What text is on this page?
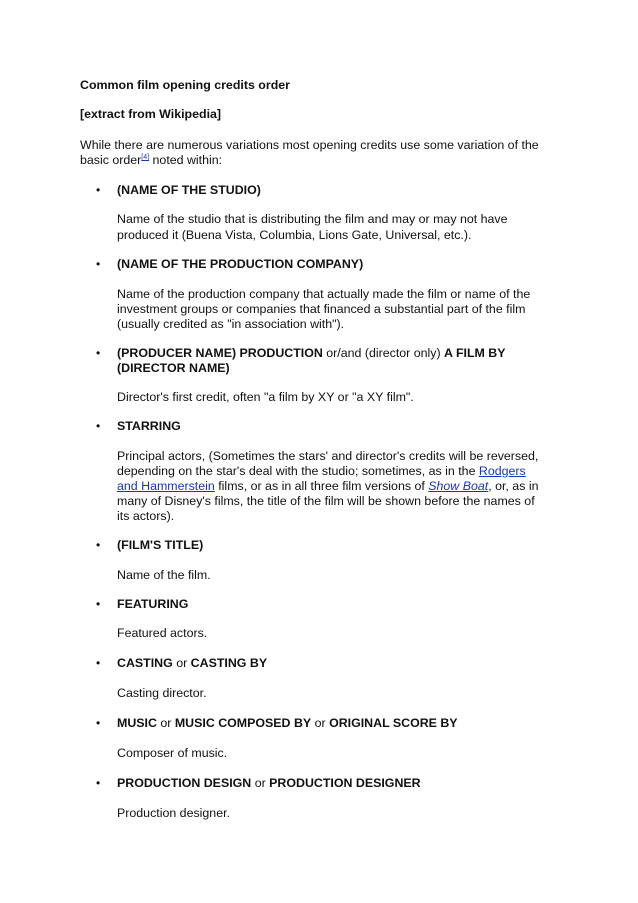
Common film opening credits order
[extract from Wikipedia]
While there are numerous variations most opening credits use some variation of the
basic order[4] noted within:
• (NAME OF THE STUDIO)
Name of the studio that is distributing the film and may or may not have
produced it (Buena Vista, Columbia, Lions Gate, Universal, etc.).
• (NAME OF THE PRODUCTION COMPANY)
Name of the production company that actually made the film or name of the
investment groups or companies that financed a substantial part of the film
(usually credited as "in association with").
• (PRODUCER NAME) PRODUCTION or/and (director only) A FILM BY
(DIRECTOR NAME)
Director's first credit, often "a film by XY or "a XY film".
• STARRING
Principal actors, (Sometimes the stars' and director's credits will be reversed,
depending on the star's deal with the studio; sometimes, as in the Rodgers
and Hammerstein films, or as in all three film versions of Show Boat, or, as in
many of Disney's films, the title of the film will be shown before the names of
its actors).
• (FILM'S TITLE)
Name of the film.
• FEATURING
Featured actors.
• CASTING or CASTING BY
Casting director.
• MUSIC or MUSIC COMPOSED BY or ORIGINAL SCORE BY
Composer of music.
• PRODUCTION DESIGN or PRODUCTION DESIGNER
Production designer.
